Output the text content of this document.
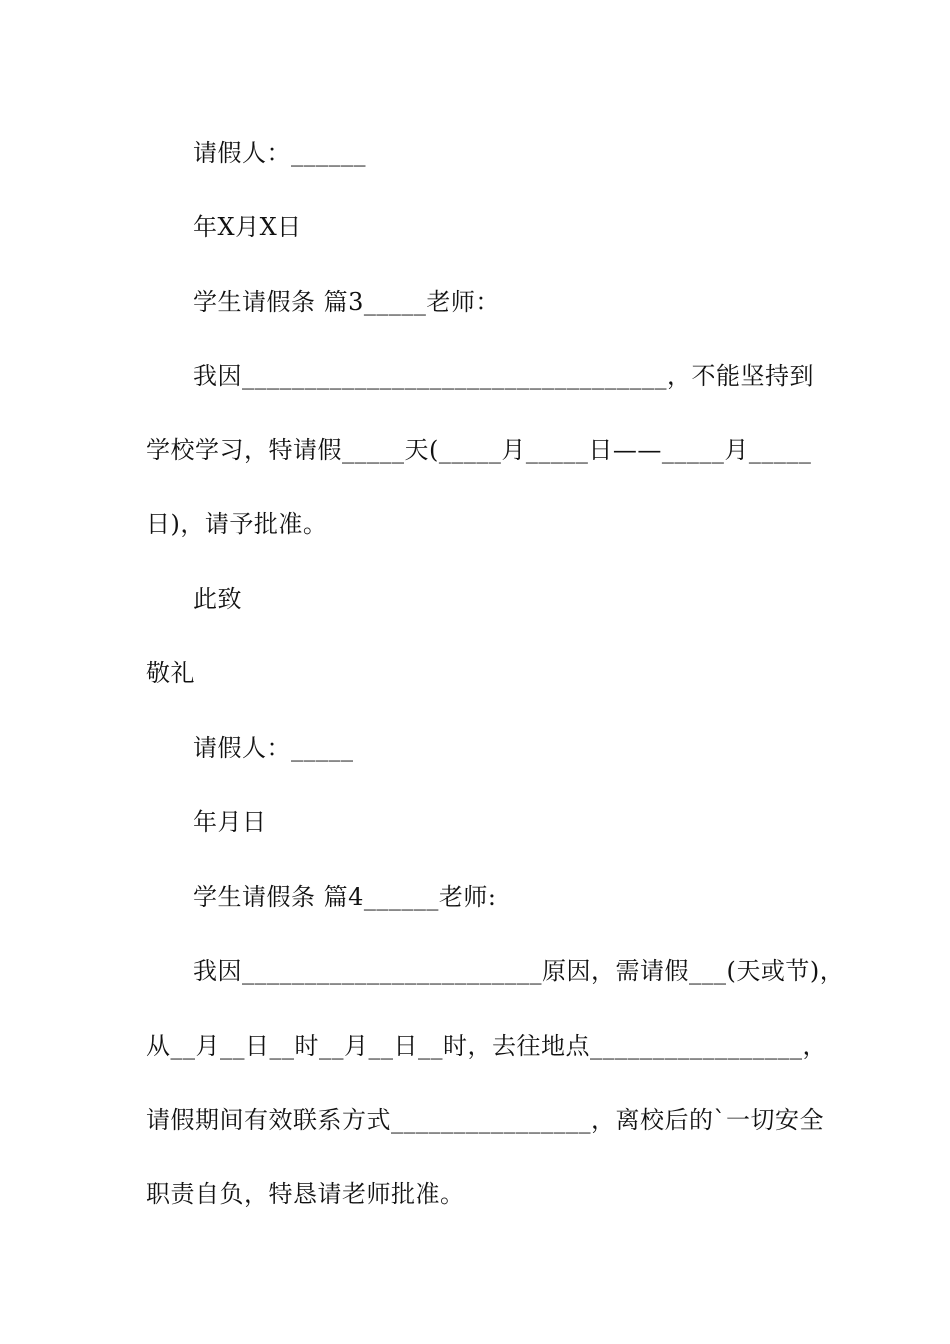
请假人：______
年X月X日
学生请假条 篇3_____老师：
我因__________________________________，不能坚持到
学校学习，特请假_____天(_____月_____日——_____月_____
日)，请予批准。
此致
敬礼
请假人：_____
年月日
学生请假条 篇4______老师:
我因________________________原因，需请假___(天或节)，
从__月__日__时__月__日__时，去往地点_________________，
请假期间有效联系方式________________，离校后的`一切安全
职责自负，特恳请老师批准。
